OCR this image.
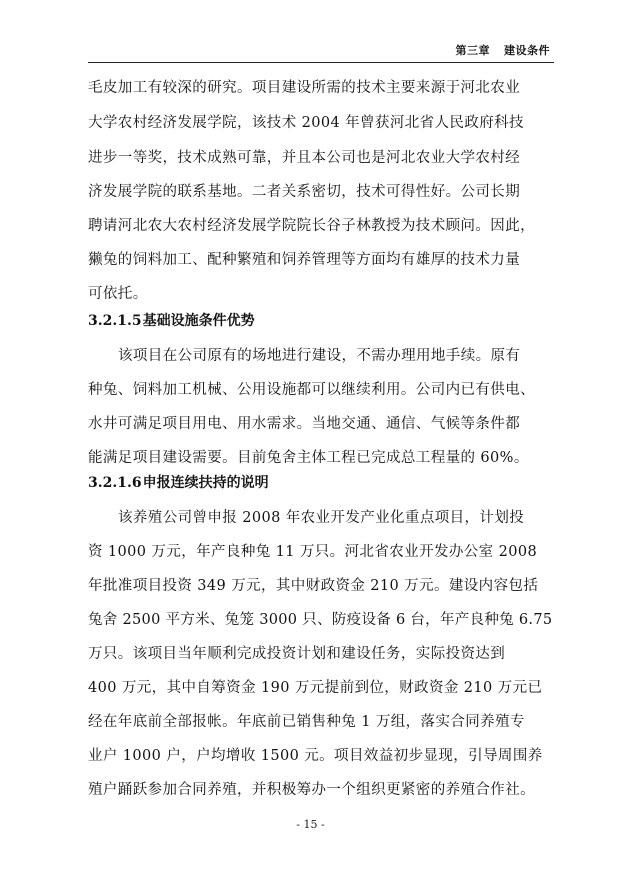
第三章 建设条件
毛皮加工有较深的研究。项目建设所需的技术主要来源于河北农业
大学农村经济发展学院，该技术 2004 年曾获河北省人民政府科技
进步一等奖，技术成熟可靠，并且本公司也是河北农业大学农村经
济发展学院的联系基地。二者关系密切，技术可得性好。公司长期
聘请河北农大农村经济发展学院院长谷子林教授为技术顾问。因此，
獭兔的饲料加工、配种繁殖和饲养管理等方面均有雄厚的技术力量
可依托。
3.2.1.5基础设施条件优势
该项目在公司原有的场地进行建设，不需办理用地手续。原有
种兔、饲料加工机械、公用设施都可以继续利用。公司内已有供电、
水井可满足项目用电、用水需求。当地交通、通信、气候等条件都
能满足项目建设需要。目前兔舍主体工程已完成总工程量的 60%。
3.2.1.6申报连续扶持的说明
该养殖公司曾申报 2008 年农业开发产业化重点项目，计划投
资 1000 万元，年产良种兔 11 万只。河北省农业开发办公室 2008
年批准项目投资 349 万元，其中财政资金 210 万元。建设内容包括
兔舍 2500 平方米、兔笼 3000 只、防疫设备 6 台，年产良种兔 6.75
万只。该项目当年顺利完成投资计划和建设任务，实际投资达到
400 万元，其中自筹资金 190 万元提前到位，财政资金 210 万元已
经在年底前全部报帐。年底前已销售种兔 1 万组，落实合同养殖专
业户 1000 户，户均增收 1500 元。项目效益初步显现，引导周围养
殖户踊跃参加合同养殖，并积极筹办一个组织更紧密的养殖合作社。
- 15 -
